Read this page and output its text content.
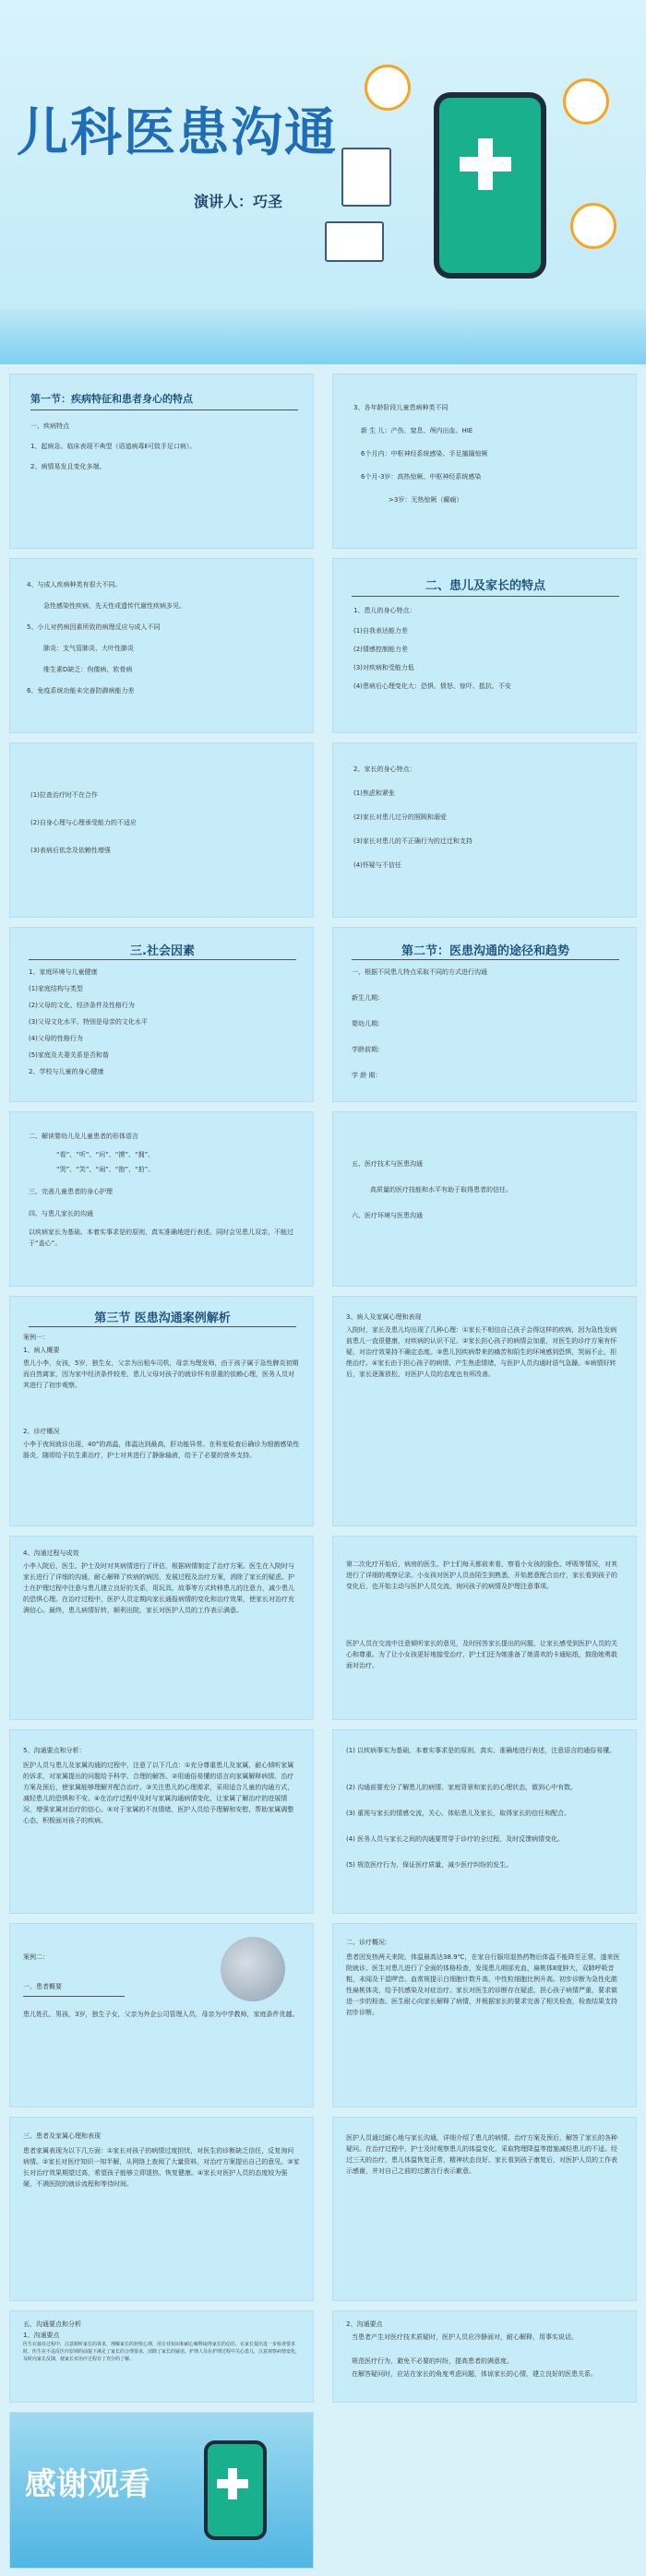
儿科医患沟通
演讲人：巧圣
第一节：疾病特征和患者身心的特点
一、疾病特点
1、起病急、临床表现不典型（语道病毒Ⅱ可致手足口病）。
2、病情易发且变化多端。
3、各年龄阶段儿童患病种类不同
新 生 儿：产伤、窒息、颅内出血、HIE
6个月内：中枢神经系统感染、手足搐搦惊厥
6个月-3岁：高热惊厥、中枢神经系统感染
>3岁：无热惊厥（癫痫）
4、与成人疾病种类有很大不同。
急性感染性疾病、先天性或遗传代谢性疾病多见。
5、小儿对药病因素所致的病理反应与成人不同
肺炎：支气管肺炎、大叶性肺炎
维生素D缺乏：佝偻病、软骨病
6、免疫系统功能未完善防御病能力差
二、患儿及家长的特点
1、患儿的身心特点：
(1)自我表达能力差
(2)情感控制能力差
(3)对疾病和受能力低
(4)患病后心理变化大：恐惧、愤怒、惊吓、抵抗、不安
(1)拉查治疗时不在合作
(2)自身心理与心理承受能力的不适应
(3)表病后依念及依赖性增强
2、家长的身心特点：
(1)焦虑和紧张
(2)家长对患儿过分的照顾和溺爱
(3)家长对患儿的不正确行为的迁迁和支持
(4)怀疑与不信任
三.社会因素
1、家庭环境与儿童健康
(1)家庭结构与类型
(2)父母的文化、经济条件及性格行为
(3)父母文化水平、特别是母亲的文化水平
(4)父母的性格行为
(5)家庭及夫妻关系是否和谐
2、学校与儿童的身心健康
第二节：医患沟通的途径和趋势
一、根据不同患儿特点采取不同的方式进行沟通
新生儿期：
婴幼儿期：
学龄前期：
学 龄 期：
二、解读婴幼儿及儿童患者的形体语言
“看”、“听”、“问”、“摸”、“拥”、
“哭”、“笑”、“闹”、“抱”、“拍”。
三、完善儿童患者的身心护理
四、与患儿家长的沟通
以疾病家长为基础、本着实事求是的原则，真实准确地进行表述。同时会见患儿双亲，不能过于“盖心”。
五、医疗技术与医患沟通
高质量的医疗技能和水平有助于取得患者的信任。
六、医疗环境与医患沟通
第三节 医患沟通案例解析
案例一：
1、病人概要
患儿小李，女孩，5岁，独生女，父亲为出租车司机，母亲为理发师，由于孩子属于急性脾炎初期而自然离家，因为家中经济条件较差，患儿父母对孩子的就诊怀有很重的依赖心理，医务人员对其进行了初步观察。
2、诊疗概况
小李于夜间就诊出现，40°的高温，体温达到最高，肝功能异常。在科室检查后确诊为细菌感染性肠炎，随即给予抗生素治疗，护士对其进行了静脉输液，给予了必要的营养支持。
3、病人及家属心理和表现
入院时，家长及患儿均出现了几种心理：①家长不相信自己孩子会得这样的疾病，因为急性发病前患儿一直很健康，对疾病的认识不足。②家长担心孩子的病情会加重，对医生的诊疗方案有怀疑，对治疗效果持不确定态度。③患儿因疾病带来的痛苦和陌生的环境感到恐惧，哭闹不止，拒绝治疗。④家长由于担心孩子的病情，产生焦虑情绪，与医护人员沟通时语气急躁。⑤病情好转后，家长逐渐放松，对医护人员的态度也有所改善。
4、沟通过程与成效
小李入院后，医生、护士及时对其病情进行了评估，根据病情制定了治疗方案。医生在入院时与家长进行了详细的沟通，耐心解释了疾病的病因、发展过程及治疗方案，消除了家长的疑虑。护士在护理过程中注意与患儿建立良好的关系，用玩具、故事等方式转移患儿的注意力，减少患儿的恐惧心理。在治疗过程中，医护人员定期向家长通报病情的变化和治疗效果，使家长对治疗充满信心。最终，患儿病情好转，顺利出院，家长对医护人员的工作表示满意。
第二次化疗开始后，病房的医生、护士们每天都前来看，察看小女孩的脸色、呼吸等情况，对其进行了详细的观察记录。小女孩对医护人员由陌生到熟悉，开始愿意配合治疗，家长看到孩子的变化后，也开始主动与医护人员交流，询问孩子的病情及护理注意事项。
医护人员在交流中注意倾听家长的意见，及时回答家长提出的问题，让家长感受到医护人员的关心和尊重。为了让小女孩更好地接受治疗，护士们还为她准备了她喜欢的卡通贴纸，鼓励她勇敢面对治疗。
5、沟通要点和分析：
医护人员与患儿及家属沟通的过程中，注意了以下几点：①充分尊重患儿及家属，耐心倾听家属的诉求，对家属提出的问题给予科学、合理的解答。②用通俗易懂的语言向家属解释病情、治疗方案及预后，使家属能够理解并配合治疗。③关注患儿的心理需求，采用适合儿童的沟通方式，减轻患儿的恐惧和不安。④在治疗过程中及时与家属沟通病情变化，让家属了解治疗的进展情况，增强家属对治疗的信心。⑤对于家属的不良情绪，医护人员给予理解和安慰，帮助家属调整心态，积极面对孩子的疾病。
(1) 以疾病事实为基础，本着实事求是的原则，真实、准确地进行表述，注意语言的通俗易懂。
(2) 沟通前要充分了解患儿的病情、家庭背景和家长的心理状态，做到心中有数。
(3) 重视与家长的情感交流，关心、体贴患儿及家长，取得家长的信任和配合。
(4) 医务人员与家长之间的沟通要贯穿于诊疗的全过程，及时反馈病情变化。
(5) 规范医疗行为，保证医疗质量，减少医疗纠纷的发生。
案例二：
一、患者概要
患儿姓孔，男孩，3岁，独生子女，父亲为外企公司管理人员，母亲为中学教师，家庭条件优越。
二、诊疗概况：
患者因发热两天来院，体温最高达38.9℃，在家自行服用退热药物后体温不能降至正常，遂来医院就诊。医生对患儿进行了全面的体格检查，发现患儿咽部充血，扁桃体Ⅱ度肿大，双肺呼吸音粗，未闻及干湿啰音。血常规提示白细胞计数升高，中性粒细胞比例升高。初步诊断为急性化脓性扁桃体炎，给予抗感染及对症治疗。家长对医生的诊断存在疑虑，担心孩子病情严重，要求做进一步的检查。医生耐心向家长解释了病情，并根据家长的要求完善了相关检查，检查结果支持初步诊断。
三、患者及家属心理和表现
患者家属表现为以下几方面：①家长对孩子的病情过度担忧，对医生的诊断缺乏信任，反复询问病情。②家长对医疗知识一知半解，从网络上查阅了大量资料，对治疗方案提出自己的意见。③家长对治疗效果期望过高，希望孩子能够立即退热、恢复健康。④家长对医护人员的态度较为强硬，不满医院的就诊流程和等待时间。
医护人员通过耐心地与家长沟通，详细介绍了患儿的病情、治疗方案及预后，解答了家长的各种疑问。在治疗过程中，护士及时观察患儿的体温变化，采取物理降温等措施减轻患儿的不适。经过三天的治疗，患儿体温恢复正常，精神状态良好。家长看到孩子康复后，对医护人员的工作表示感谢，并对自己之前的过激言行表示歉意。
五、沟通要点和分析
1、沟通要点
医生在接诊过程中，注意倾听家长的诉求，理解家长的担忧心理，用专业知识和耐心解释取得家长的信任。在家长提出进一步检查要求时，医生在不违反医疗原则的前提下满足了家长的合理要求，消除了家长的疑虑。护理人员在护理过程中关心患儿，注意观察病情变化，及时向家长反馈，使家长对治疗过程有了充分的了解。
2、沟通要点
当患者产生对医疗技术质疑时，医护人员应冷静面对，耐心解释，用事实说话。
规范医疗行为，避免不必要的纠纷，提高患者的满意度。
在解答疑问时，应站在家长的角度考虑问题，体谅家长的心情，建立良好的医患关系。
感谢观看
